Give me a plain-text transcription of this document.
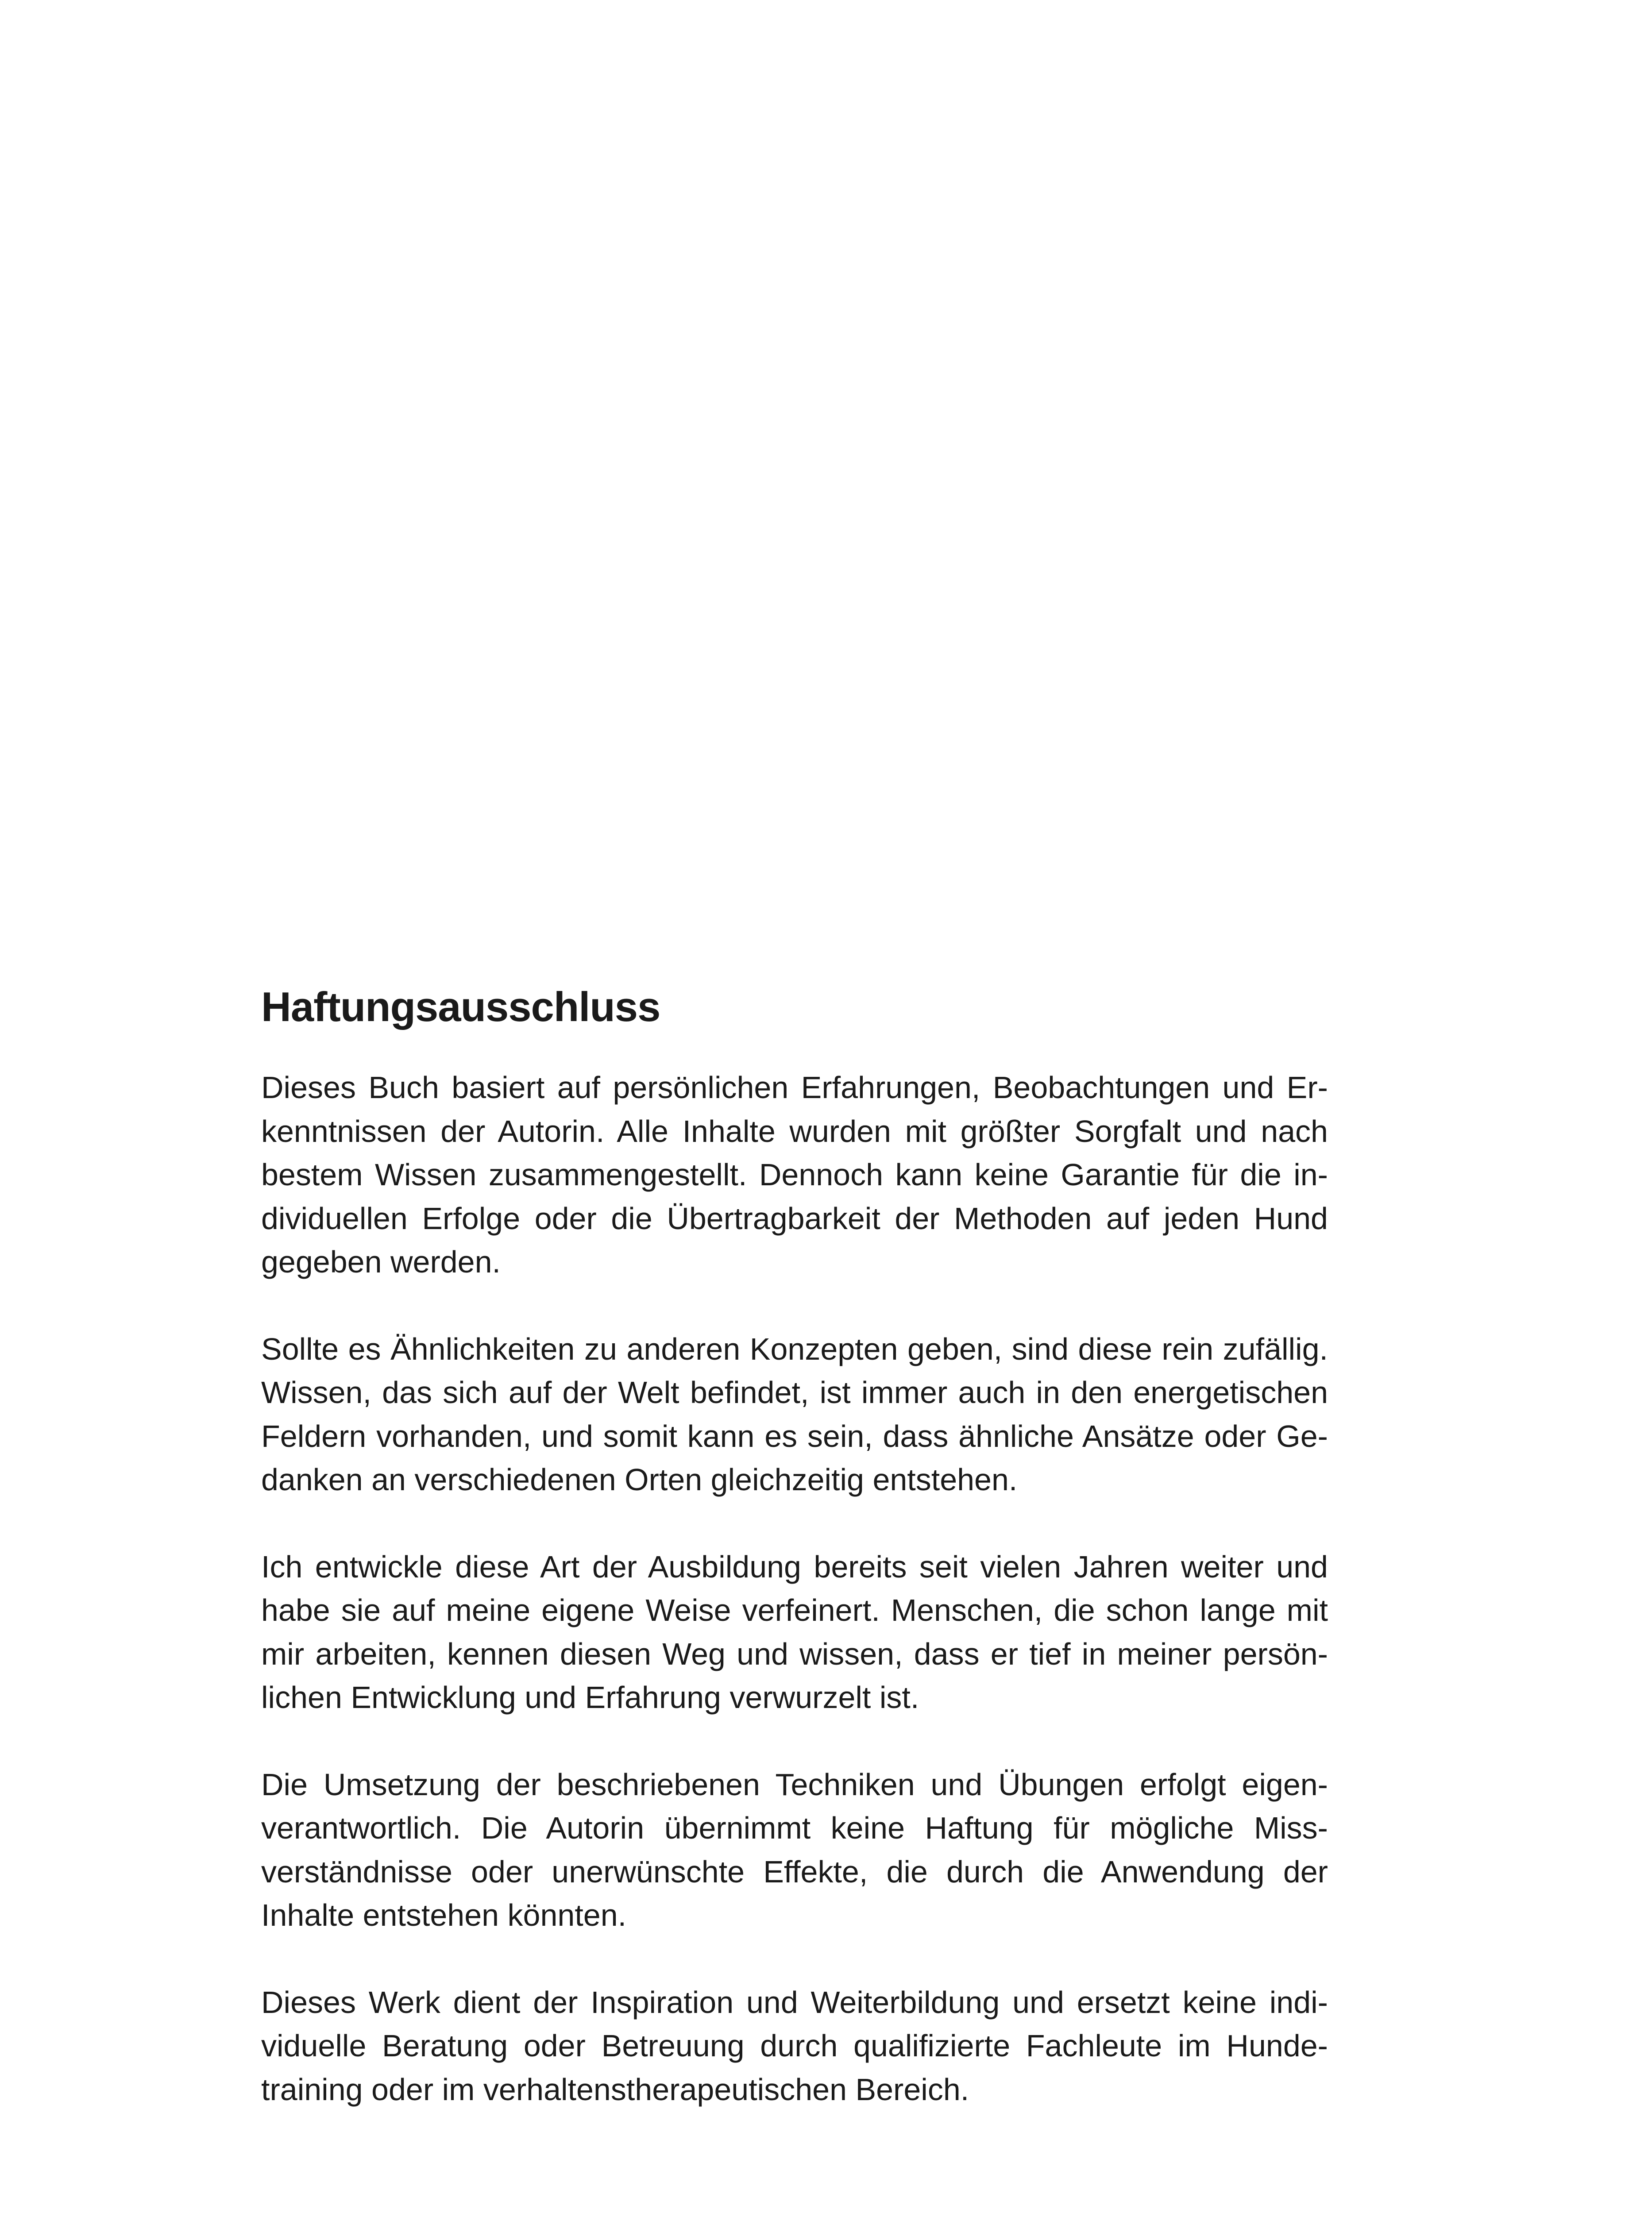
Haftungsausschluss
Dieses Buch basiert auf persönlichen Erfahrungen, Beobachtungen und Er-
kenntnissen der Autorin. Alle Inhalte wurden mit größter Sorgfalt und nach
bestem Wissen zusammengestellt. Dennoch kann keine Garantie für die in-
dividuellen Erfolge oder die Übertragbarkeit der Methoden auf jeden Hund
gegeben werden.
Sollte es Ähnlichkeiten zu anderen Konzepten geben, sind diese rein zufällig.
Wissen, das sich auf der Welt befindet, ist immer auch in den energetischen
Feldern vorhanden, und somit kann es sein, dass ähnliche Ansätze oder Ge-
danken an verschiedenen Orten gleichzeitig entstehen.
Ich entwickle diese Art der Ausbildung bereits seit vielen Jahren weiter und
habe sie auf meine eigene Weise verfeinert. Menschen, die schon lange mit
mir arbeiten, kennen diesen Weg und wissen, dass er tief in meiner persön-
lichen Entwicklung und Erfahrung verwurzelt ist.
Die Umsetzung der beschriebenen Techniken und Übungen erfolgt eigen-
verantwortlich. Die Autorin übernimmt keine Haftung für mögliche Miss-
verständnisse oder unerwünschte Effekte, die durch die Anwendung der
Inhalte entstehen könnten.
Dieses Werk dient der Inspiration und Weiterbildung und ersetzt keine indi-
viduelle Beratung oder Betreuung durch qualifizierte Fachleute im Hunde-
training oder im verhaltenstherapeutischen Bereich.
